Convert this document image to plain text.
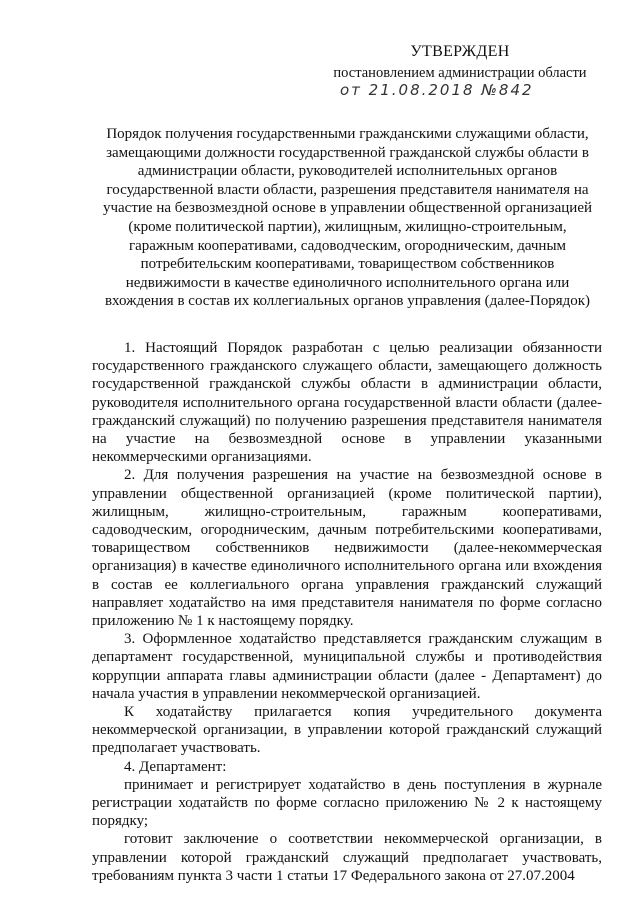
УТВЕРЖДЕН
постановлением администрации области
от 21.08.2018 №842
Порядок получения государственными гражданскими служащими области, замещающими должности государственной гражданской службы области в администрации области, руководителей исполнительных органов государственной власти области, разрешения представителя нанимателя на участие на безвозмездной основе в управлении общественной организацией (кроме политической партии), жилищным, жилищно-строительным, гаражным кооперативами, садоводческим, огородническим, дачным потребительским кооперативами, товариществом собственников недвижимости в качестве единоличного исполнительного органа или вхождения в состав их коллегиальных органов управления (далее-Порядок)

1. Настоящий Порядок разработан с целью реализации обязанности государственного гражданского служащего области, замещающего должность государственной гражданской службы области в администрации области, руководителя исполнительного органа государственной власти области (далее-гражданский служащий) по получению разрешения представителя нанимателя на участие на безвозмездной основе в управлении указанными некоммерческими организациями.

2. Для получения разрешения на участие на безвозмездной основе в управлении общественной организацией (кроме политической партии), жилищным, жилищно-строительным, гаражным кооперативами, садоводческим, огородническим, дачным потребительскими кооперативами, товариществом собственников недвижимости (далее-некоммерческая организация) в качестве единоличного исполнительного органа или вхождения в состав ее коллегиального органа управления гражданский служащий направляет ходатайство на имя представителя нанимателя по форме согласно приложению № 1 к настоящему порядку.

3. Оформленное ходатайство представляется гражданским служащим в департамент государственной, муниципальной службы и противодействия коррупции аппарата главы администрации области (далее - Департамент) до начала участия в управлении некоммерческой организацией.

К ходатайству прилагается копия учредительного документа некоммерческой организации, в управлении которой гражданский служащий предполагает участвовать.

4. Департамент:

принимает и регистрирует ходатайство в день поступления в журнале регистрации ходатайств по форме согласно приложению № 2 к настоящему порядку;

готовит заключение о соответствии некоммерческой организации, в управлении которой гражданский служащий предполагает участвовать, требованиям пункта 3 части 1 статьи 17 Федерального закона от 27.07.2004
